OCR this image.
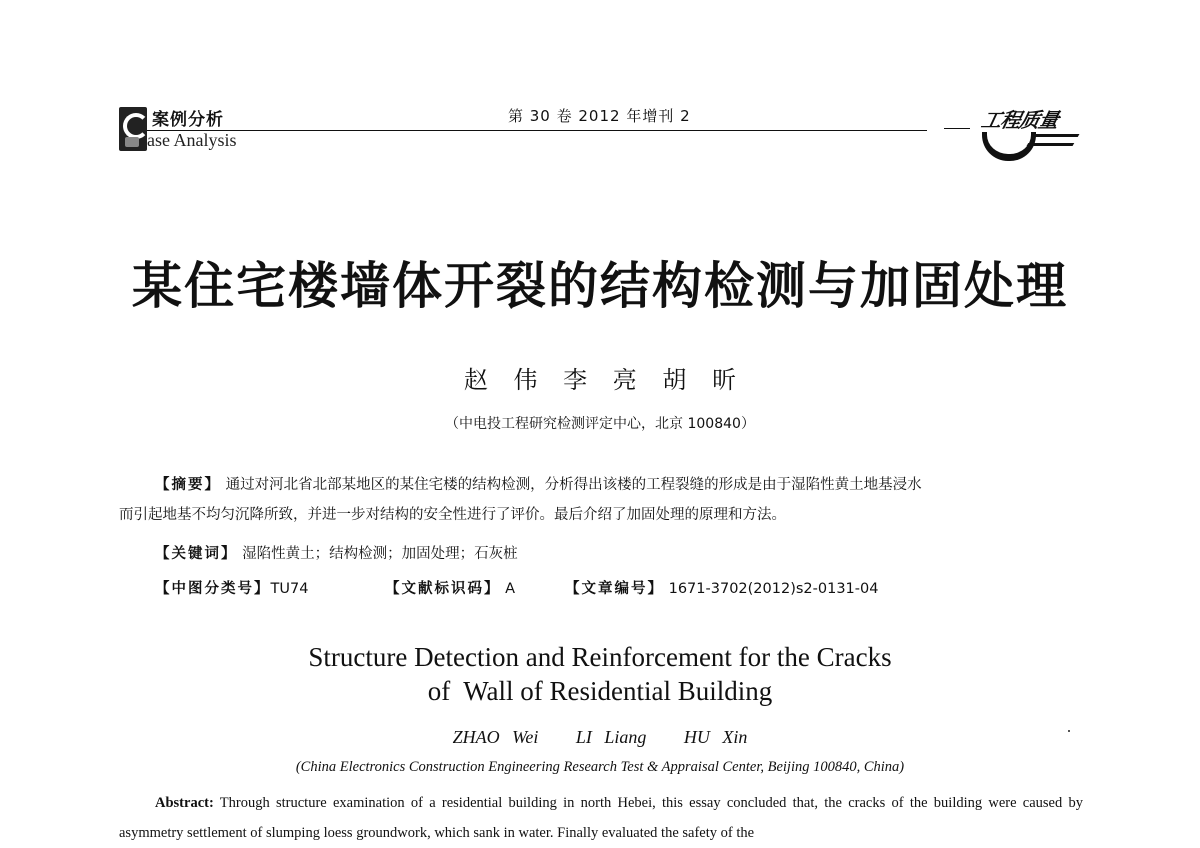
案例分析
ase Analysis
第 30 卷 2012 年增刊 2	工程质量
某住宅楼墙体开裂的结构检测与加固处理
赵 伟 李 亮 胡 昕
（中电投工程研究检测评定中心，北京 100840）
【摘要】 通过对河北省北部某地区的某住宅楼的结构检测，分析得出该楼的工程裂缝的形成是由于湿陷性黄土地基浸水
而引起地基不均匀沉降所致，并进一步对结构的安全性进行了评价。最后介绍了加固处理的原理和方法。
【关键词】 湿陷性黄土；结构检测；加固处理；石灰桩
【中图分类号】TU74	【文献标识码】 A	【文章编号】 1671-3702(2012)s2-0131-04
Structure Detection and Reinforcement for the Cracks
of  Wall of Residential Building
ZHAO Wei   LI Liang   HU Xin
(China Electronics Construction Engineering Research Test & Appraisal Center, Beijing 100840, China)
Abstract: Through structure examination of a residential building in north Hebei, this essay concluded that, the cracks of the building were caused by asymmetry settlement of slumping loess groundwork, which sank in water. Finally evaluated the safety of the
